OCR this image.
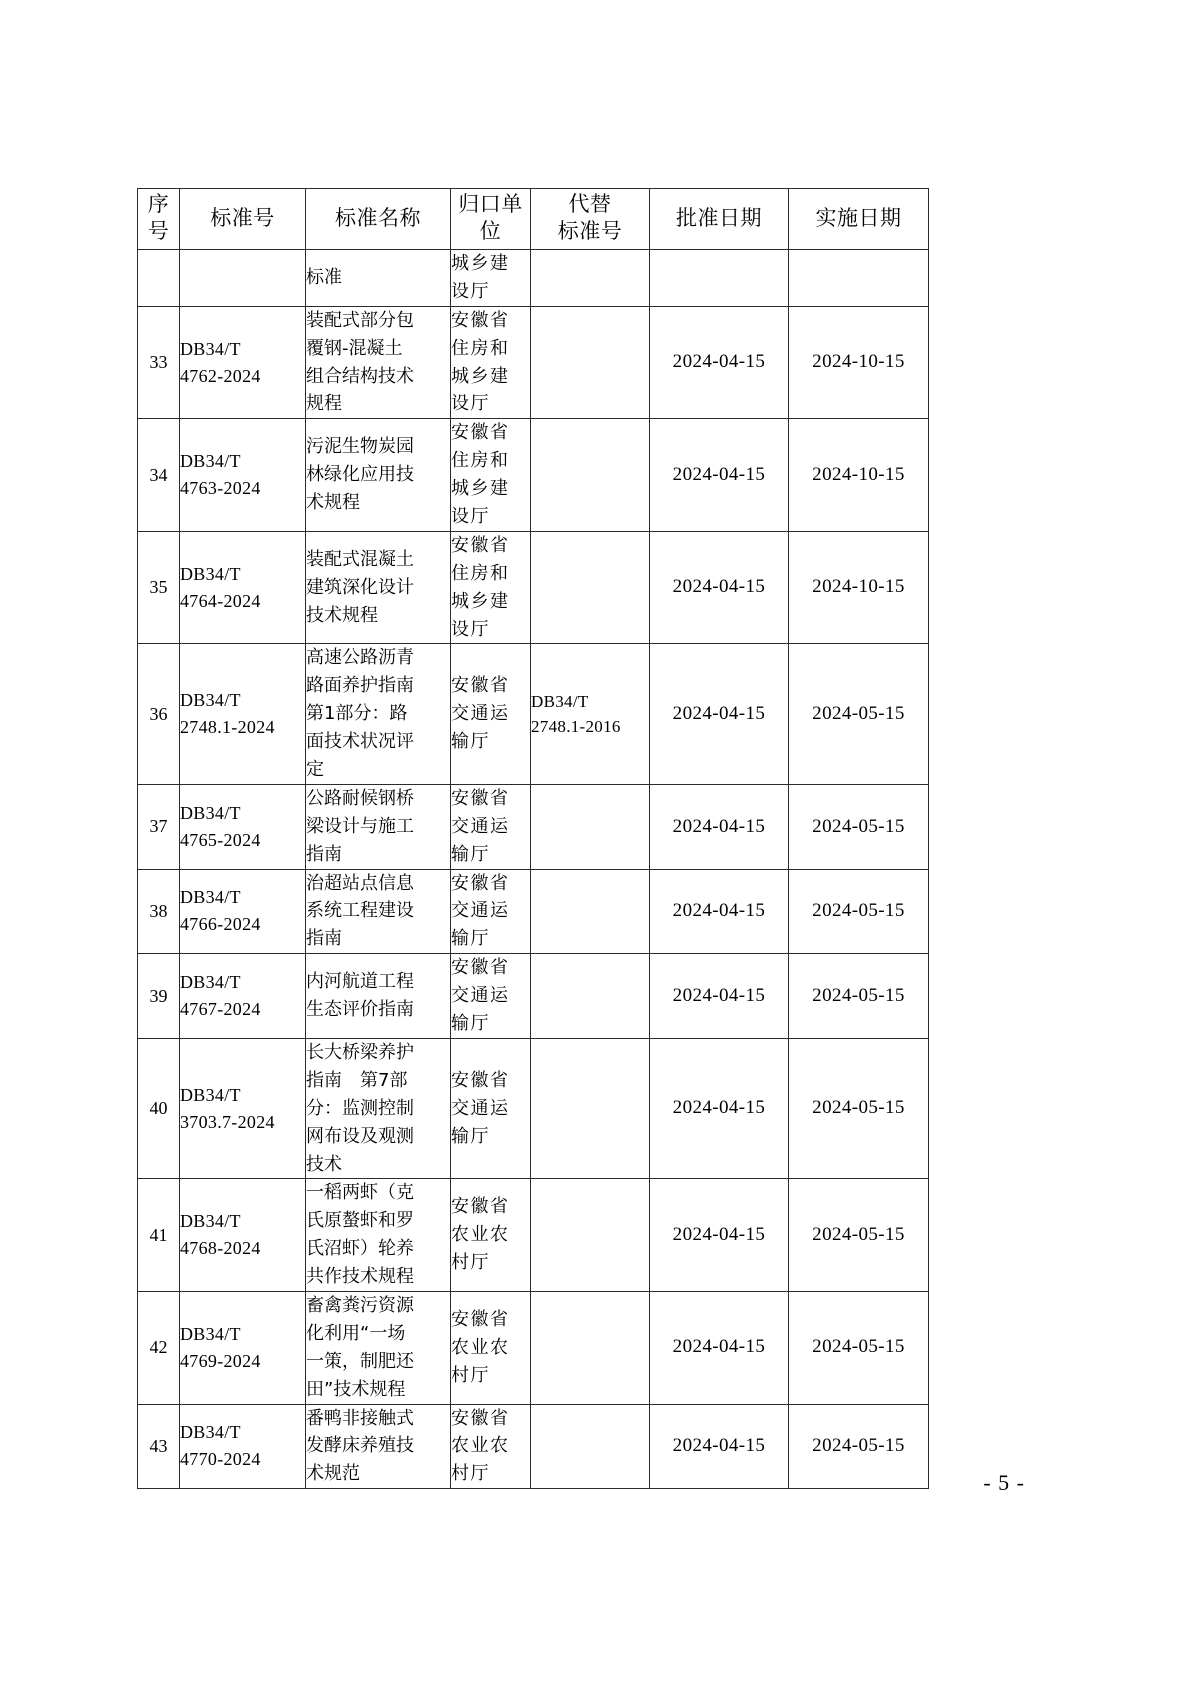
序
号	标准号	标准名称	归口单
位	代替
标准号	批准日期	实施日期

		标准	城乡建
设厅			

33	DB34/T
4762-2024	装配式部分包
覆钢-混凝土
组合结构技术
规程	安徽省
住房和
城乡建
设厅		2024-04-15	2024-10-15
34	DB34/T
4763-2024	污泥生物炭园
林绿化应用技
术规程	安徽省
住房和
城乡建
设厅		2024-04-15	2024-10-15
35	DB34/T
4764-2024	装配式混凝土
建筑深化设计
技术规程	安徽省
住房和
城乡建
设厅		2024-04-15	2024-10-15
36	DB34/T
2748.1-2024	高速公路沥青
路面养护指南
第1部分：路
面技术状况评
定	安徽省
交通运
输厅	DB34/T
2748.1-2016	2024-04-15	2024-05-15
37	DB34/T
4765-2024	公路耐候钢桥
梁设计与施工
指南	安徽省
交通运
输厅		2024-04-15	2024-05-15
38	DB34/T
4766-2024	治超站点信息
系统工程建设
指南	安徽省
交通运
输厅		2024-04-15	2024-05-15
39	DB34/T
4767-2024	内河航道工程
生态评价指南	安徽省
交通运
输厅		2024-04-15	2024-05-15
40	DB34/T
3703.7-2024	长大桥梁养护
指南　第7部
分：监测控制
网布设及观测
技术	安徽省
交通运
输厅		2024-04-15	2024-05-15
41	DB34/T
4768-2024	一稻两虾（克
氏原螯虾和罗
氏沼虾）轮养
共作技术规程	安徽省
农业农
村厅		2024-04-15	2024-05-15
42	DB34/T
4769-2024	畜禽粪污资源
化利用“一场
一策，制肥还
田”技术规程	安徽省
农业农
村厅		2024-04-15	2024-05-15
43	DB34/T
4770-2024	番鸭非接触式
发酵床养殖技
术规范	安徽省
农业农
村厅		2024-04-15	2024-05-15
- 5 -
